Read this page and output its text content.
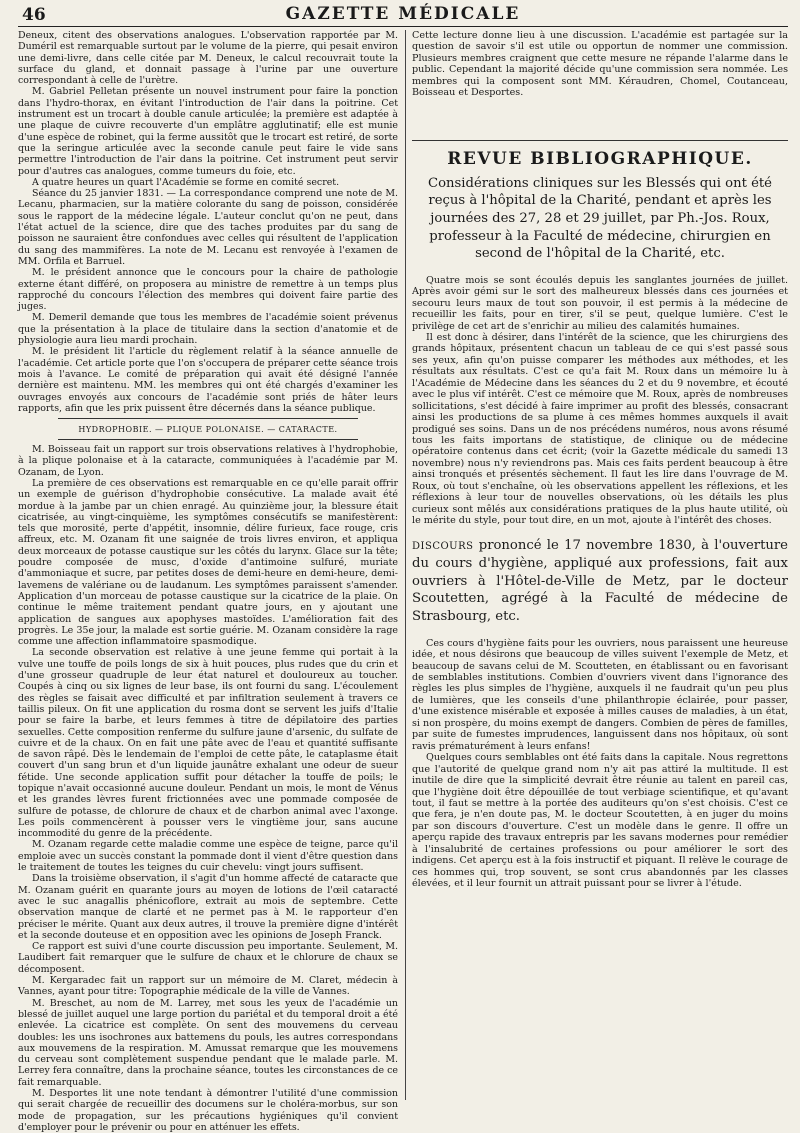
46	GAZETTE MÉDICALE

Deneux, citent des observations analogues. L'observation rapportée par M. Duméril est remarquable surtout par le volume de la pierre, qui pesait environ une demi-livre, dans celle citée par M. Deneux, le calcul recouvrait toute la surface du gland, et donnait passage à l'urine par une ouverture correspondant à celle de l'urètre.

M. Gabriel Pelletan présente un nouvel instrument pour faire la ponction dans l'hydro-thorax, en évitant l'introduction de l'air dans la poitrine. Cet instrument est un trocart à double canule articulée; la première est adaptée à une plaque de cuivre recouverte d'un emplâtre agglutinatif; elle est munie d'une espèce de robinet, qui la ferme aussitôt que le trocart est retiré, de sorte que la seringue articulée avec la seconde canule peut faire le vide sans permettre l'introduction de l'air dans la poitrine. Cet instrument peut servir pour d'autres cas analogues, comme tumeurs du foie, etc.

A quatre heures un quart l'Académie se forme en comité secret.

Séance du 25 janvier 1831. — La correspondance comprend une note de M. Lecanu, pharmacien, sur la matière colorante du sang de poisson, considérée sous le rapport de la médecine légale. L'auteur conclut qu'on ne peut, dans l'état actuel de la science, dire que des taches produites par du sang de poisson ne sauraient être confondues avec celles qui résultent de l'application du sang des mammifères. La note de M. Lecanu est renvoyée à l'examen de MM. Orfila et Barruel.

M. le président annonce que le concours pour la chaire de pathologie externe étant différé, on proposera au ministre de remettre à un temps plus rapproché du concours l'élection des membres qui doivent faire partie des juges.

M. Demeril demande que tous les membres de l'académie soient prévenus que la présentation à la place de titulaire dans la section d'anatomie et de physiologie aura lieu mardi prochain.

M. le président lit l'article du règlement relatif à la séance annuelle de l'académie. Cet article porte que l'on s'occupera de préparer cette séance trois mois à l'avance. Le comité de préparation qui avait été désigné l'année dernière est maintenu. MM. les membres qui ont été chargés d'examiner les ouvrages envoyés aux concours de l'académie sont priés de hâter leurs rapports, afin que les prix puissent être décernés dans la séance publique.

HYDROPHOBIE. — PLIQUE POLONAISE. — CATARACTE.

M. Boisseau fait un rapport sur trois observations relatives à l'hydrophobie, à la plique polonaise et à la cataracte, communiquées à l'académie par M. Ozanam, de Lyon.

La première de ces observations est remarquable en ce qu'elle parait offrir un exemple de guérison d'hydrophobie consécutive. La malade avait été mordue à la jambe par un chien enragé. Au quinzième jour, la blessure était cicatrisée, au vingt-cinquième, les symptômes consécutifs se manifestèrent: tels que morosité, perte d'appétit, insomnie, délire furieux, face rouge, cris affreux, etc. M. Ozanam fit une saignée de trois livres environ, et appliqua deux morceaux de potasse caustique sur les côtés du larynx. Glace sur la tête; poudre composée de musc, d'oxide d'antimoine sulfuré, muriate d'ammoniaque et sucre, par petites doses de demi-heure en demi-heure, demi-lavemens de valériane ou de laudanum. Les symptômes paraissent s'amender. Application d'un morceau de potasse caustique sur la cicatrice de la plaie. On continue le même traitement pendant quatre jours, en y ajoutant une application de sangues aux apophyses mastoïdes. L'amélioration fait des progrès. Le 35e jour, la malade est sortie guérie. M. Ozanam considère la rage comme une affection inflammatoire spasmodique.

La seconde observation est relative à une jeune femme qui portait à la vulve une touffe de poils longs de six à huit pouces, plus rudes que du crin et d'une grosseur quadruple de leur état naturel et douloureux au toucher. Coupés à cinq ou six lignes de leur base, ils ont fourni du sang. L'écoulement des règles se faisait avec difficulté et par infiltration seulement à travers ce taillis pileux. On fit une application du rosma dont se servent les juifs d'Italie pour se faire la barbe, et leurs femmes à titre de dépilatoire des parties sexuelles. Cette composition renferme du sulfure jaune d'arsenic, du sulfate de cuivre et de la chaux. On en fait une pâte avec de l'eau et quantité suffisante de savon râpé. Dès le lendemain de l'emploi de cette pâte, le cataplasme était couvert d'un sang brun et d'un liquide jaunâtre exhalant une odeur de sueur fétide. Une seconde application suffit pour détacher la touffe de poils; le topique n'avait occasionné aucune douleur. Pendant un mois, le mont de Vénus et les grandes lèvres furent frictionnées avec une pommade composée de sulfure de potasse, de chlorure de chaux et de charbon animal avec l'axonge. Les poils commencèrent à pousser vers le vingtième jour, sans aucune incommodité du genre de la précédente.

M. Ozanam regarde cette maladie comme une espèce de teigne, parce qu'il emploie avec un succès constant la pommade dont il vient d'être question dans le traitement de toutes les teignes du cuir chevelu: vingt jours suffisent.

Dans la troisième observation, il s'agit d'un homme affecté de cataracte que M. Ozanam guérit en quarante jours au moyen de lotions de l'œil cataracté avec le suc anagallis phénicoflore, extrait au mois de septembre. Cette observation manque de clarté et ne permet pas à M. le rapporteur d'en préciser le mérite. Quant aux deux autres, il trouve la première digne d'intérêt et la seconde douteuse et en opposition avec les opinions de Joseph Franck.

Ce rapport est suivi d'une courte discussion peu importante. Seulement, M. Laudibert fait remarquer que le sulfure de chaux et le chlorure de chaux se décomposent.

M. Kergaradec fait un rapport sur un mémoire de M. Claret, médecin à Vannes, ayant pour titre: Topographie médicale de la ville de Vannes.

M. Breschet, au nom de M. Larrey, met sous les yeux de l'académie un blessé de juillet auquel une large portion du pariétal et du temporal droit a été enlevée. La cicatrice est complète. On sent des mouvemens du cerveau doubles: les uns isochrones aux battemens du pouls, les autres correspondans aux mouvemens de la respiration. M. Amussat remarque que les mouvemens du cerveau sont complètement suspendue pendant que le malade parle. M. Lerrey fera connaître, dans la prochaine séance, toutes les circonstances de ce fait remarquable.

M. Desportes lit une note tendant à démontrer l'utilité d'une commission qui serait chargée de recueillir des documens sur le choléra-morbus, sur son mode de propagation, sur les précautions hygiéniques qu'il convient d'employer pour le prévenir ou pour en atténuer les effets.

Cette lecture donne lieu à une discussion. L'académie est partagée sur la question de savoir s'il est utile ou opportun de nommer une commission. Plusieurs membres craignent que cette mesure ne répande l'alarme dans le public. Cependant la majorité décide qu'une commission sera nommée. Les membres qui la composent sont MM. Kéraudren, Chomel, Coutanceau, Boisseau et Desportes.

REVUE BIBLIOGRAPHIQUE.
Considérations cliniques sur les Blessés qui ont été reçus à l'hôpital de la Charité, pendant et après les journées des 27, 28 et 29 juillet, par Ph.-Jos. Roux, professeur à la Faculté de médecine, chirurgien en second de l'hôpital de la Charité, etc.

Quatre mois se sont écoulés depuis les sanglantes journées de juillet. Après avoir gémi sur le sort des malheureux blessés dans ces journées et secouru leurs maux de tout son pouvoir, il est permis à la médecine de recueillir les faits, pour en tirer, s'il se peut, quelque lumière. C'est le privilège de cet art de s'enrichir au milieu des calamités humaines.

Il est donc à désirer, dans l'intérêt de la science, que les chirurgiens des grands hôpitaux, présentent chacun un tableau de ce qui s'est passé sous ses yeux, afin qu'on puisse comparer les méthodes aux méthodes, et les résultats aux résultats. C'est ce qu'a fait M. Roux dans un mémoire lu à l'Académie de Médecine dans les séances du 2 et du 9 novembre, et écouté avec le plus vif intérêt. C'est ce mémoire que M. Roux, après de nombreuses sollicitations, s'est décidé à faire imprimer au profit des blessés, consacrant ainsi les productions de sa plume à ces mêmes hommes auxquels il avait prodigué ses soins. Dans un de nos précédens numéros, nous avons résumé tous les faits importans de statistique, de clinique ou de médecine opératoire contenus dans cet écrit; (voir la Gazette médicale du samedi 13 novembre) nous n'y reviendrons pas. Mais ces faits perdent beaucoup à être ainsi tronqués et présentés sèchement. Il faut les lire dans l'ouvrage de M. Roux, où tout s'enchaîne, où les observations appellent les réflexions, et les réflexions à leur tour de nouvelles observations, où les détails les plus curieux sont mêlés aux considérations pratiques de la plus haute utilité, où le mérite du style, pour tout dire, en un mot, ajoute à l'intérêt des choses.

DISCOURS prononcé le 17 novembre 1830, à l'ouverture du cours d'hygiène, appliqué aux professions, fait aux ouvriers à l'Hôtel-de-Ville de Metz, par le docteur Scoutetten, agrégé à la Faculté de médecine de Strasbourg, etc.

Ces cours d'hygiène faits pour les ouvriers, nous paraissent une heureuse idée, et nous désirons que beaucoup de villes suivent l'exemple de Metz, et beaucoup de savans celui de M. Scoutteten, en établissant ou en favorisant de semblables institutions. Combien d'ouvriers vivent dans l'ignorance des règles les plus simples de l'hygiène, auxquels il ne faudrait qu'un peu plus de lumières, que les conseils d'une philanthropie éclairée, pour passer, d'une existence misérable et exposée à milles causes de maladies, à un état, si non prospère, du moins exempt de dangers. Combien de pères de familles, par suite de fumestes imprudences, languissent dans nos hôpitaux, où sont ravis prématurément à leurs enfans!

Quelques cours semblables ont été faits dans la capitale. Nous regrettons que l'autorité de quelque grand nom n'y ait pas attiré la multitude. Il est inutile de dire que la simplicité devrait être réunie au talent en pareil cas, que l'hygiène doit être dépouillée de tout verbiage scientifique, et qu'avant tout, il faut se mettre à la portée des auditeurs qu'on s'est choisis. C'est ce que fera, je n'en doute pas, M. le docteur Scoutetten, à en juger du moins par son discours d'ouverture. C'est un modèle dans le genre. Il offre un aperçu rapide des travaux entrepris par les savans modernes pour remédier à l'insalubrité de certaines professions ou pour améliorer le sort des indigens. Cet aperçu est à la fois instructif et piquant. Il relève le courage de ces hommes qui, trop souvent, se sont crus abandonnés par les classes élevées, et il leur fournit un attrait puissant pour se livrer à l'étude.
